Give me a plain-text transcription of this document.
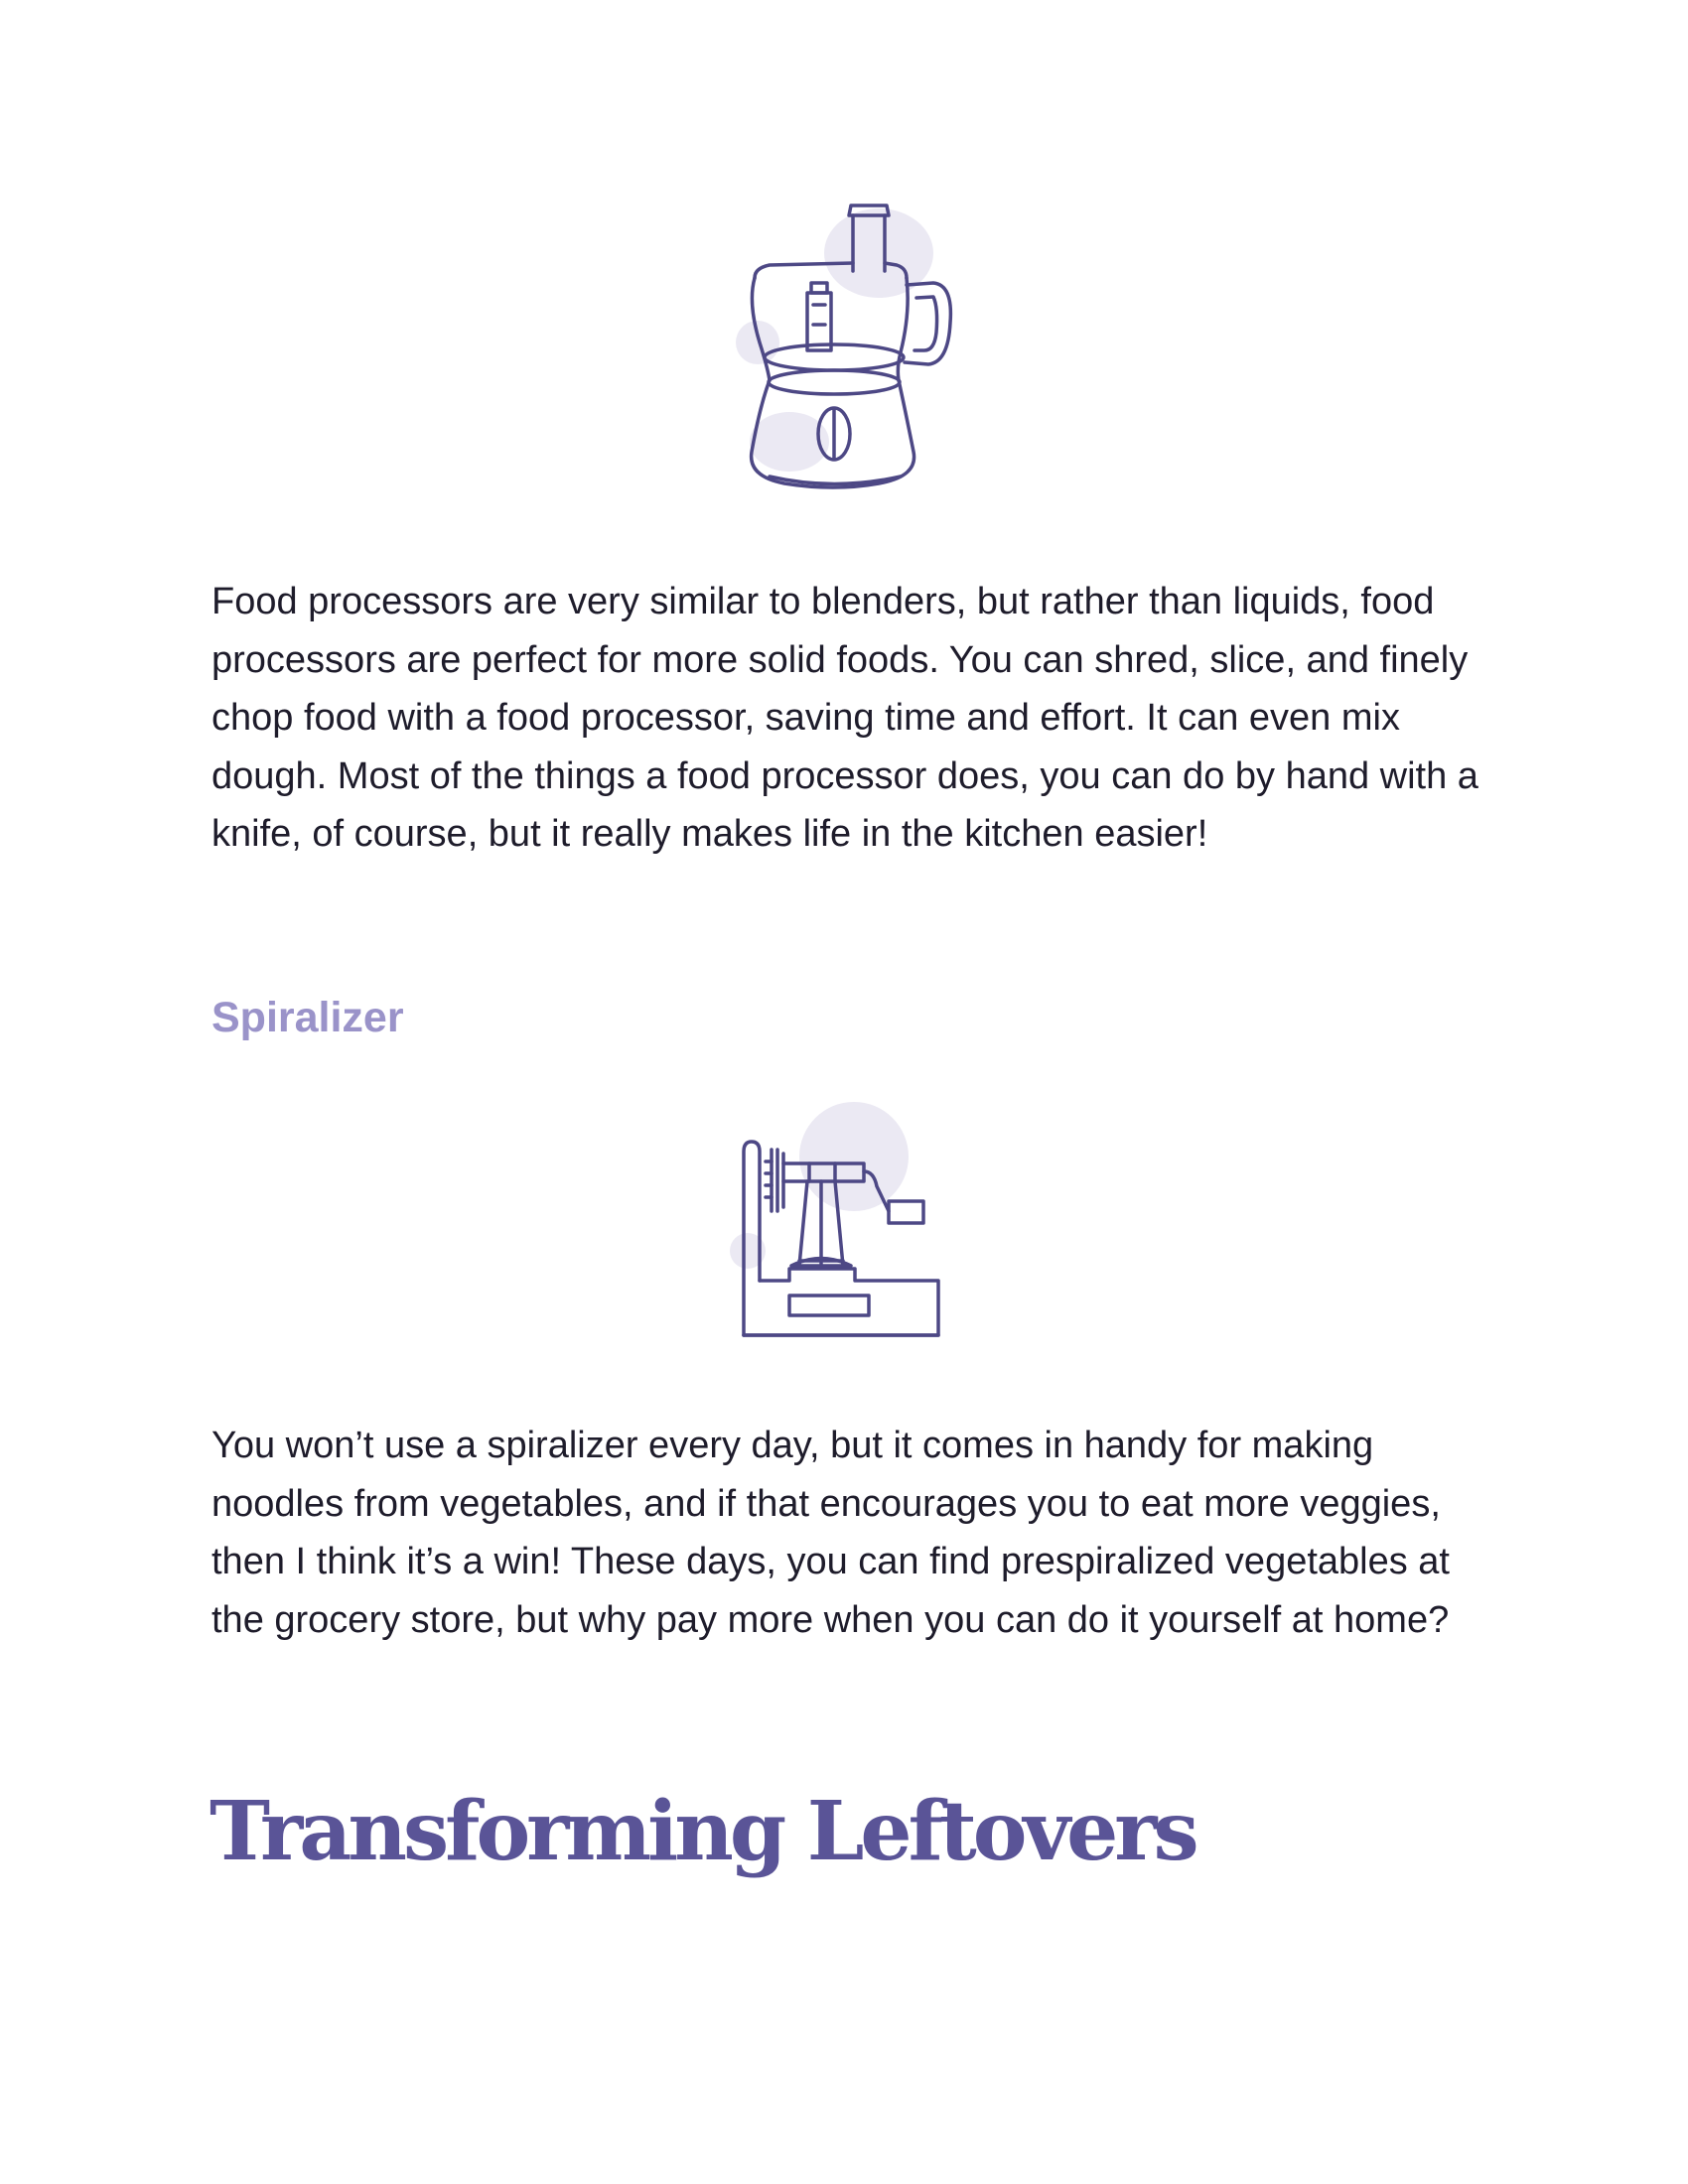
Food processors are very similar to blenders, but rather than liquids, food processors are perfect for more solid foods. You can shred, slice, and finely chop food with a food processor, saving time and effort. It can even mix dough. Most of the things a food processor does, you can do by hand with a knife, of course, but it really makes life in the kitchen easier!

Spiralizer

You won’t use a spiralizer every day, but it comes in handy for making noodles from vegetables, and if that encourages you to eat more veggies, then I think it’s a win! These days, you can find prespiralized vegetables at the grocery store, but why pay more when you can do it yourself at home?

Transforming Leftovers
